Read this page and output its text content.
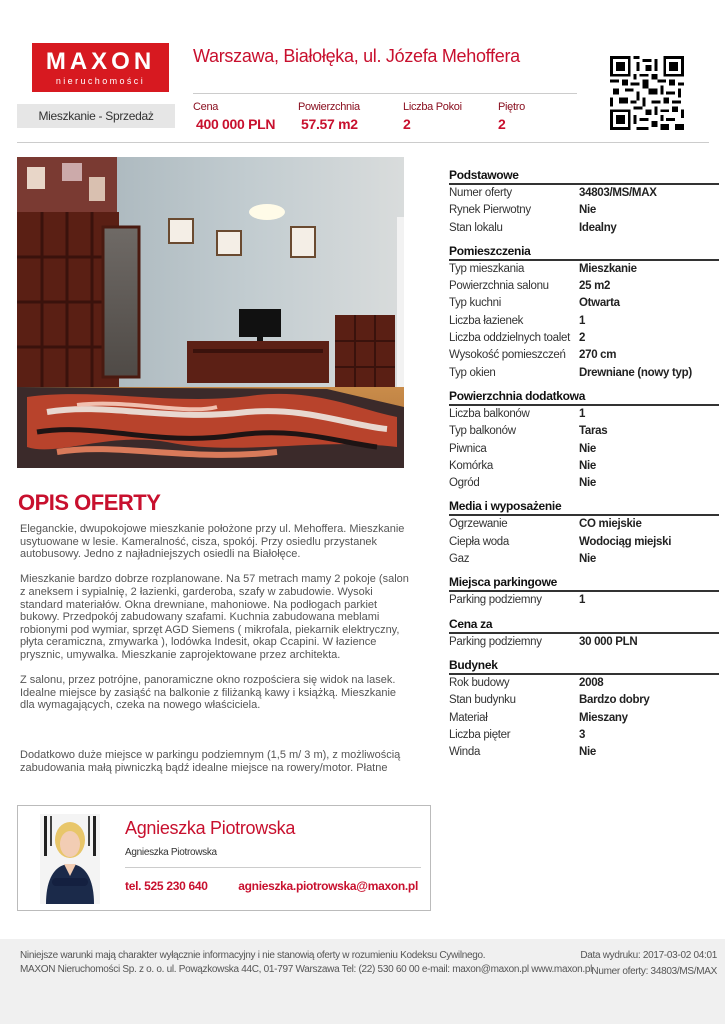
MAXON
nieruchomości
Warszawa, Białołęka, ul. Józefa Mehoffera
Mieszkanie - Sprzedaż
Cena
400 000 PLN
Powierzchnia
57.57 m2
Liczba Pokoi
2
Piętro
2
OPIS OFERTY

Eleganckie, dwupokojowe mieszkanie położone przy ul. Mehoffera. Mieszkanie usytuowane w lesie. Kameralność, cisza, spokój. Przy osiedlu przystanek autobusowy. Jedno z najładniejszych osiedli na Białołęce.

Mieszkanie bardzo dobrze rozplanowane. Na 57 metrach mamy 2 pokoje (salon z aneksem i sypialnię, 2 łazienki, garderoba, szafy w zabudowie. Wysoki standard materiałów. Okna drewniane, mahoniowe. Na podłogach parkiet bukowy. Przedpokój zabudowany szafami. Kuchnia zabudowana meblami robionymi pod wymiar, sprzęt AGD Siemens ( mikrofala, piekarnik elektryczny, płyta ceramiczna, zmywarka ), lodówka Indesit, okap Ccapini. W łazience prysznic, umywalka. Mieszkanie zaprojektowane przez architekta.

Z salonu, przez potrójne, panoramiczne okno rozpościera się widok na lasek. Idealne miejsce by zasiąść na balkonie z filiżanką kawy i książką. Mieszkanie dla wymagających, czeka na nowego właściciela.

Dodatkowo duże miejsce w parkingu podziemnym (1,5 m/ 3 m), z możliwością zabudowania małą piwniczką bądź idealne miejsce na rowery/motor. Płatne

Podstawowe
Numer oferty	34803/MS/MAX
Rynek Pierwotny	Nie
Stan lokalu	Idealny
Pomieszczenia
Typ mieszkania	Mieszkanie
Powierzchnia salonu	25 m2
Typ kuchni	Otwarta
Liczba łazienek	1
Liczba oddzielnych toalet 2
Wysokość pomieszczeń	270 cm
Typ okien	Drewniane (nowy typ)
Powierzchnia dodatkowa
Liczba balkonów	1
Typ balkonów	Taras
Piwnica	Nie
Komórka	Nie
Ogród	Nie
Media i wyposażenie
Ogrzewanie	CO miejskie
Ciepła woda	Wodociąg miejski
Gaz	Nie
Miejsca parkingowe
Parking podziemny	1
Cena za
Parking podziemny	30 000 PLN
Budynek
Rok budowy	2008
Stan budynku	Bardzo dobry
Materiał	Mieszany
Liczba pięter	3
Winda	Nie
Agnieszka Piotrowska
Agnieszka Piotrowska
tel. 525 230 640	agnieszka.piotrowska@maxon.pl
Niniejsze warunki mają charakter wyłącznie informacyjny i nie stanowią oferty w rozumieniu Kodeksu Cywilnego.
MAXON Nieruchomości Sp. z o. o. ul. Powązkowska 44C, 01-797 Warszawa Tel: (22) 530 60 00 e-mail: maxon@maxon.pl www.maxon.pl
Data wydruku: 2017-03-02 04:01
Numer oferty: 34803/MS/MAX
